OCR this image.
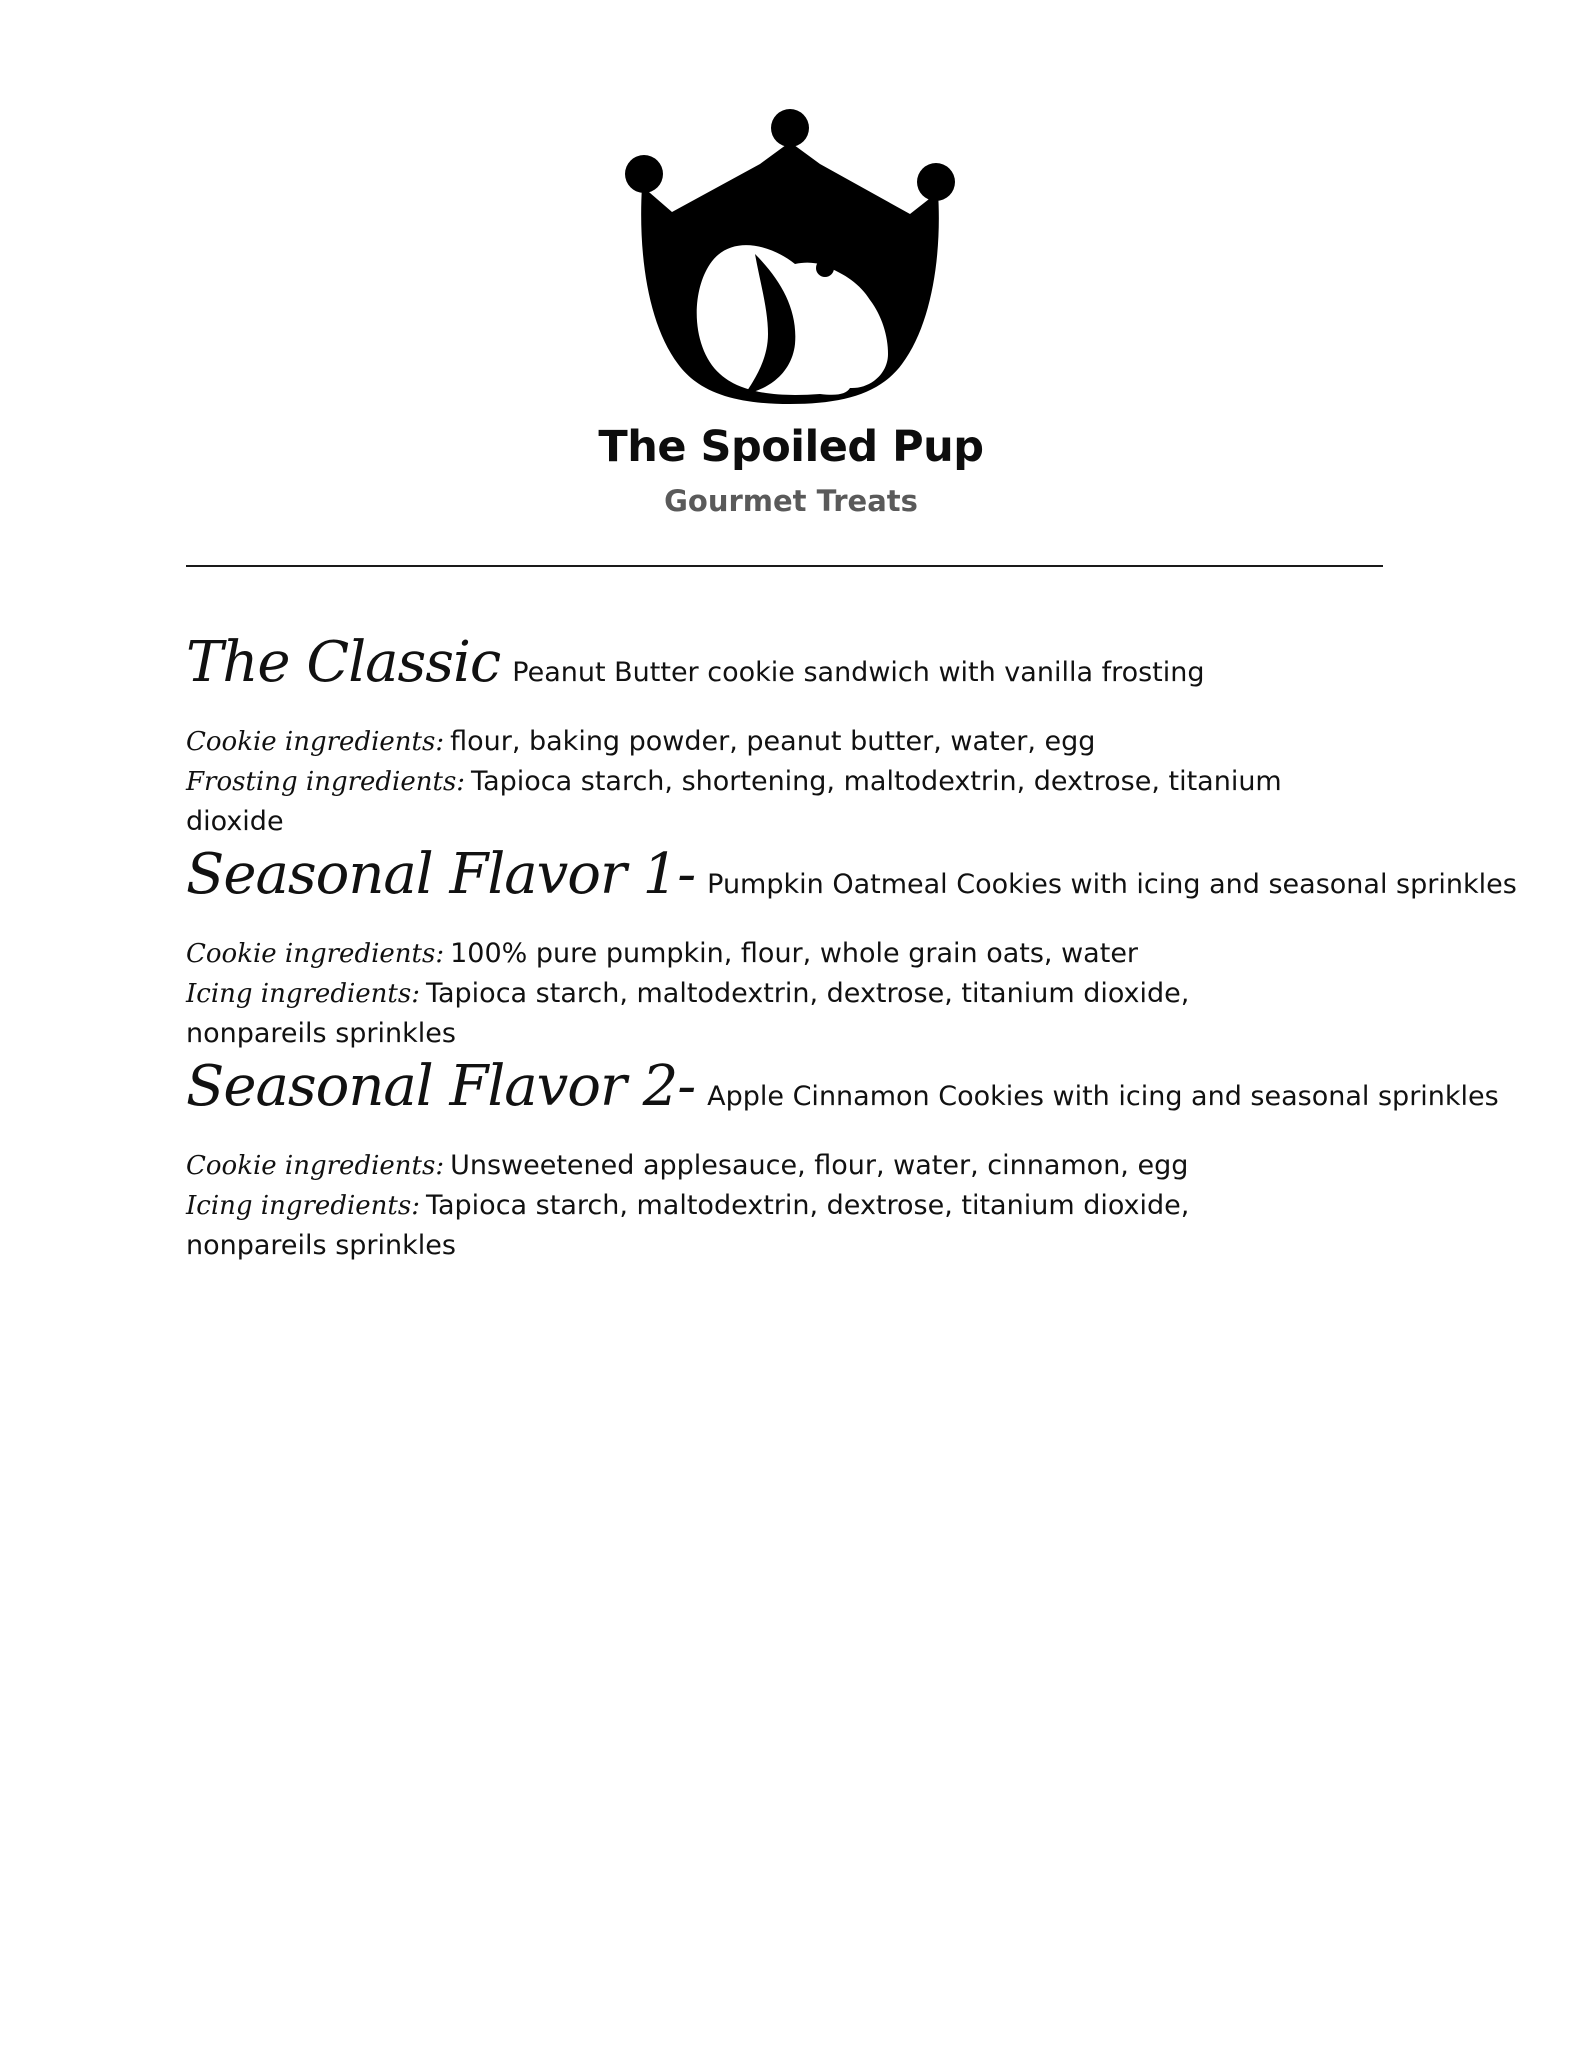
The Spoiled Pup
Gourmet Treats
The Classic Peanut Butter cookie sandwich with vanilla frosting
Cookie ingredients: flour, baking powder, peanut butter, water, egg
Frosting ingredients: Tapioca starch, shortening, maltodextrin, dextrose, titanium dioxide
Seasonal Flavor 1- Pumpkin Oatmeal Cookies with icing and seasonal sprinkles
Cookie ingredients: 100% pure pumpkin, flour, whole grain oats, water
Icing ingredients: Tapioca starch, maltodextrin, dextrose, titanium dioxide,
nonpareils sprinkles
Seasonal Flavor 2- Apple Cinnamon Cookies with icing and seasonal sprinkles
Cookie ingredients: Unsweetened applesauce, flour, water, cinnamon, egg
Icing ingredients: Tapioca starch, maltodextrin, dextrose, titanium dioxide,
nonpareils sprinkles
